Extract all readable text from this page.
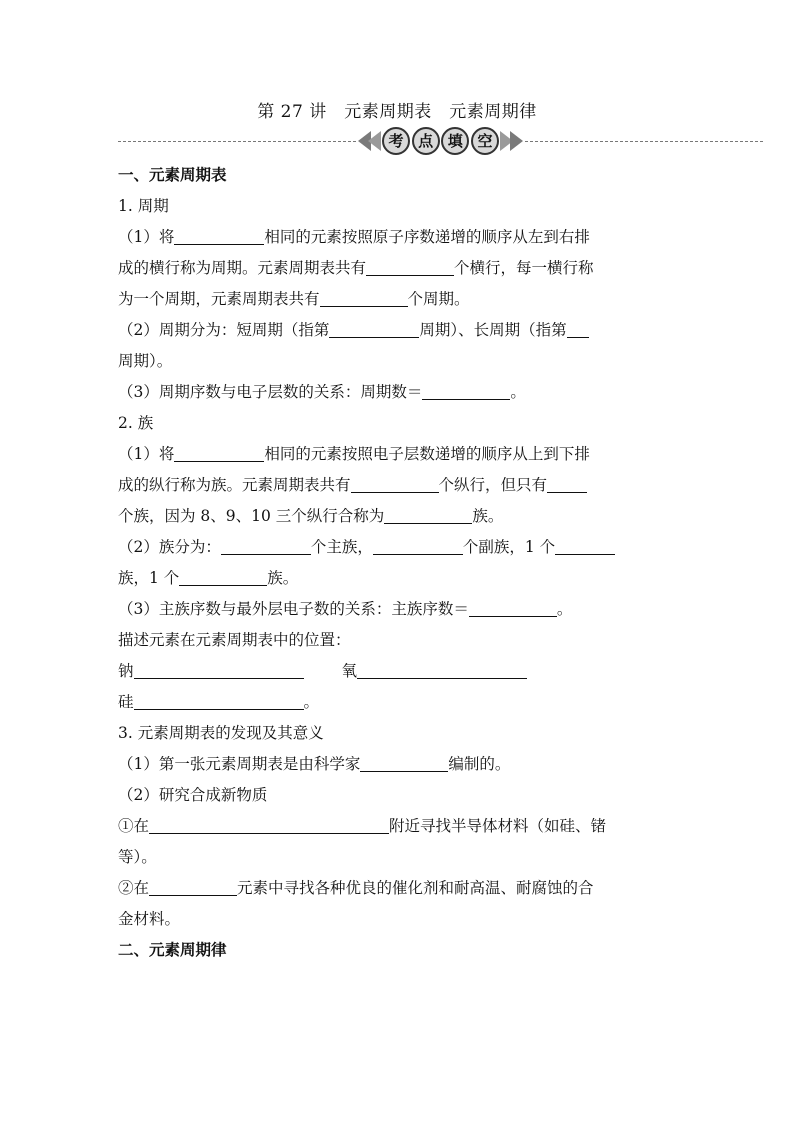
第 27 讲　元素周期表　元素周期律
考 点 填 空

一、元素周期表

1. 周期

（1）将	相同的元素按照原子序数递增的顺序从左到右排

成的横行称为周期。元素周期表共有	个横行，每一横行称

为一个周期，元素周期表共有	个周期。

（2）周期分为：短周期（指第	周期）、长周期（指第

周期）。

（3）周期序数与电子层数的关系：周期数＝	。

2. 族

（1）将	相同的元素按照电子层数递增的顺序从上到下排

成的纵行称为族。元素周期表共有	个纵行，但只有

个族，因为 8、9、10 三个纵行合称为	族。

（2）族分为：	个主族，	个副族，1 个

族，1 个	族。

（3）主族序数与最外层电子数的关系：主族序数＝	。

描述元素在元素周期表中的位置：

钠	氧

硅	。

3. 元素周期表的发现及其意义

（1）第一张元素周期表是由科学家	编制的。

（2）研究合成新物质

①在	附近寻找半导体材料（如硅、锗

等）。

②在	元素中寻找各种优良的催化剂和耐高温、耐腐蚀的合

金材料。

二、元素周期律
